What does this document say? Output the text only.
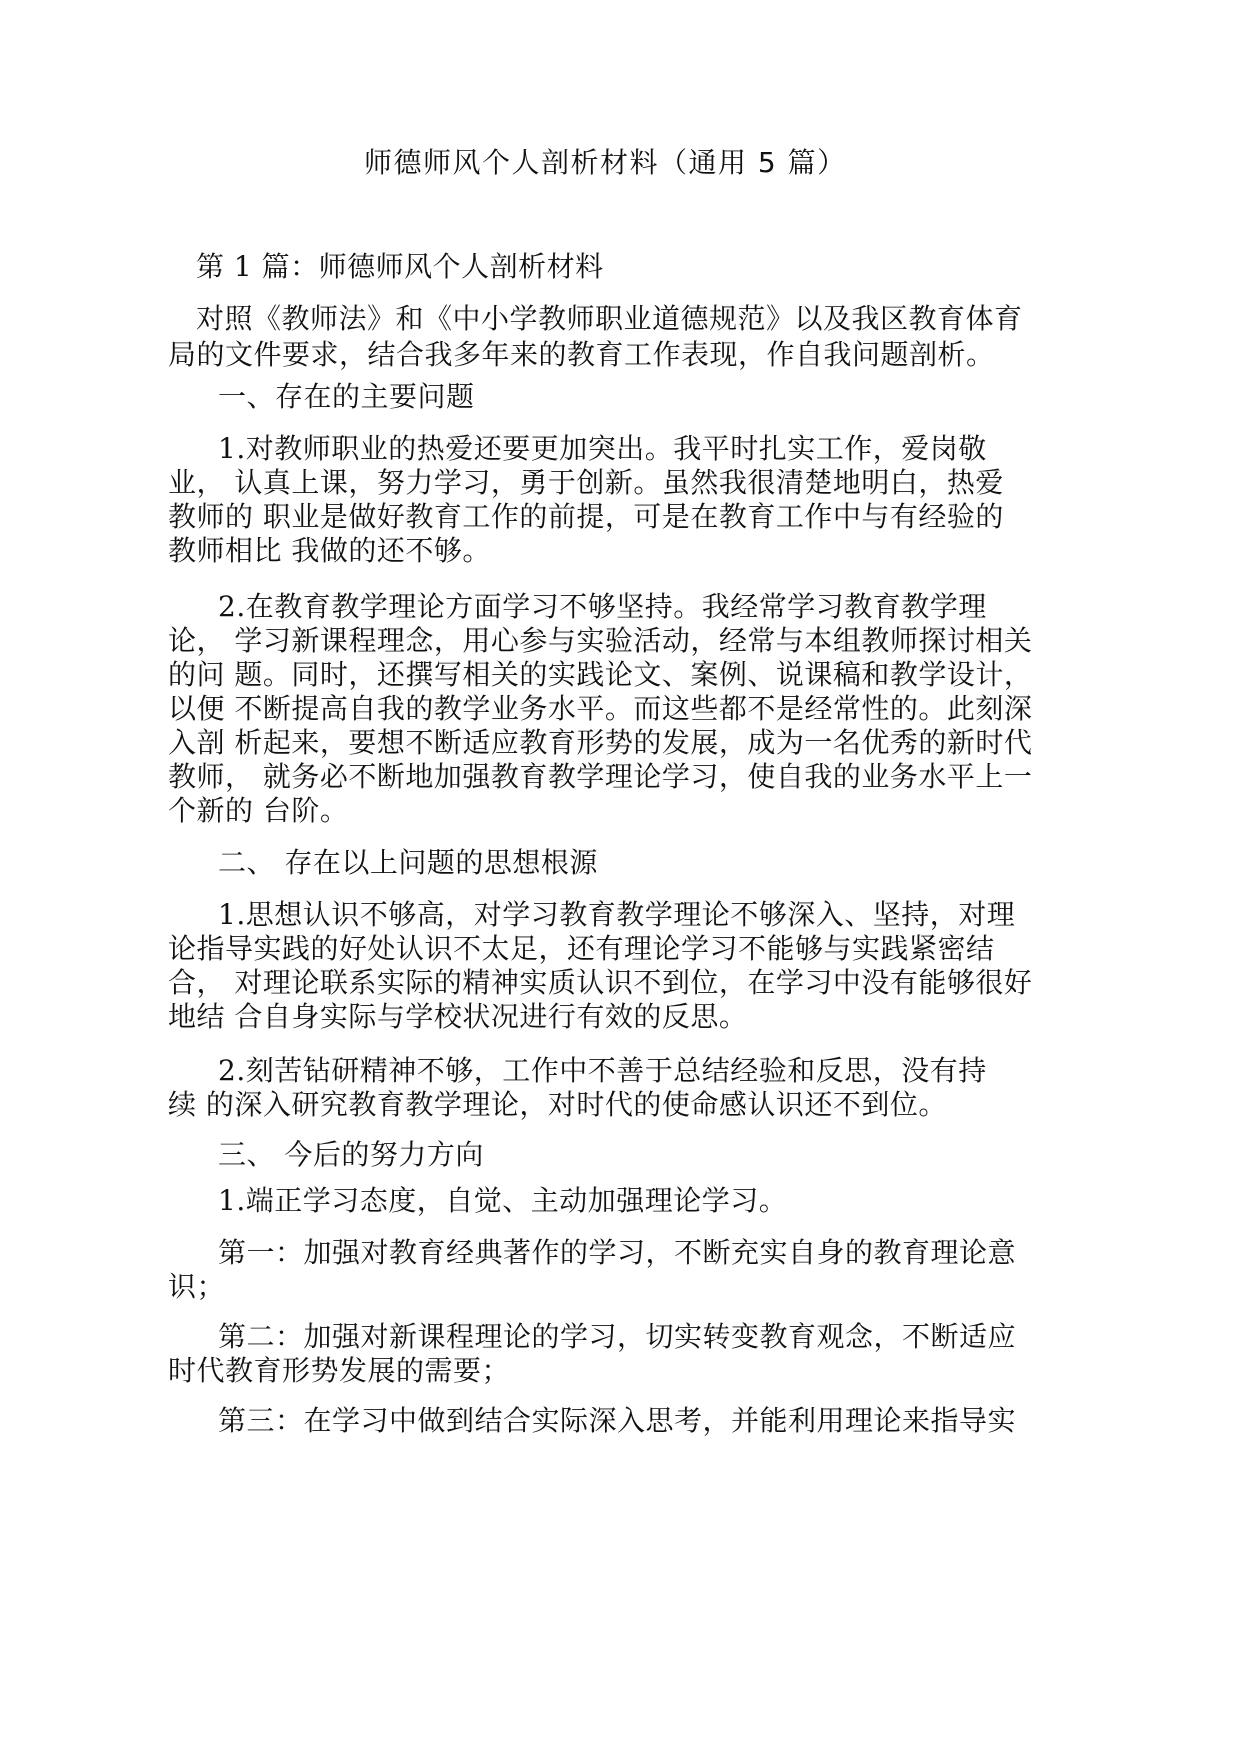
师德师风个人剖析材料（通用 5 篇）
第 1 篇：师德师风个人剖析材料
对照《教师法》和《中小学教师职业道德规范》以及我区教育体育
局的文件要求，结合我多年来的教育工作表现，作自我问题剖析。
一、存在的主要问题
1.对教师职业的热爱还要更加突出。我平时扎实工作，爱岗敬
业， 认真上课，努力学习，勇于创新。虽然我很清楚地明白，热爱
教师的 职业是做好教育工作的前提，可是在教育工作中与有经验的
教师相比 我做的还不够。
2.在教育教学理论方面学习不够坚持。我经常学习教育教学理
论， 学习新课程理念，用心参与实验活动，经常与本组教师探讨相关
的问 题。同时，还撰写相关的实践论文、案例、说课稿和教学设计，
以便 不断提高自我的教学业务水平。而这些都不是经常性的。此刻深
入剖 析起来，要想不断适应教育形势的发展，成为一名优秀的新时代
教师， 就务必不断地加强教育教学理论学习，使自我的业务水平上一
个新的 台阶。
二、 存在以上问题的思想根源
1.思想认识不够高，对学习教育教学理论不够深入、坚持，对理
论指导实践的好处认识不太足，还有理论学习不能够与实践紧密结
合， 对理论联系实际的精神实质认识不到位，在学习中没有能够很好
地结 合自身实际与学校状况进行有效的反思。
2.刻苦钻研精神不够，工作中不善于总结经验和反思，没有持
续 的深入研究教育教学理论，对时代的使命感认识还不到位。
三、 今后的努力方向
1.端正学习态度，自觉、主动加强理论学习。
第一：加强对教育经典著作的学习，不断充实自身的教育理论意
识；
第二：加强对新课程理论的学习，切实转变教育观念，不断适应
时代教育形势发展的需要；
第三：在学习中做到结合实际深入思考，并能利用理论来指导实
